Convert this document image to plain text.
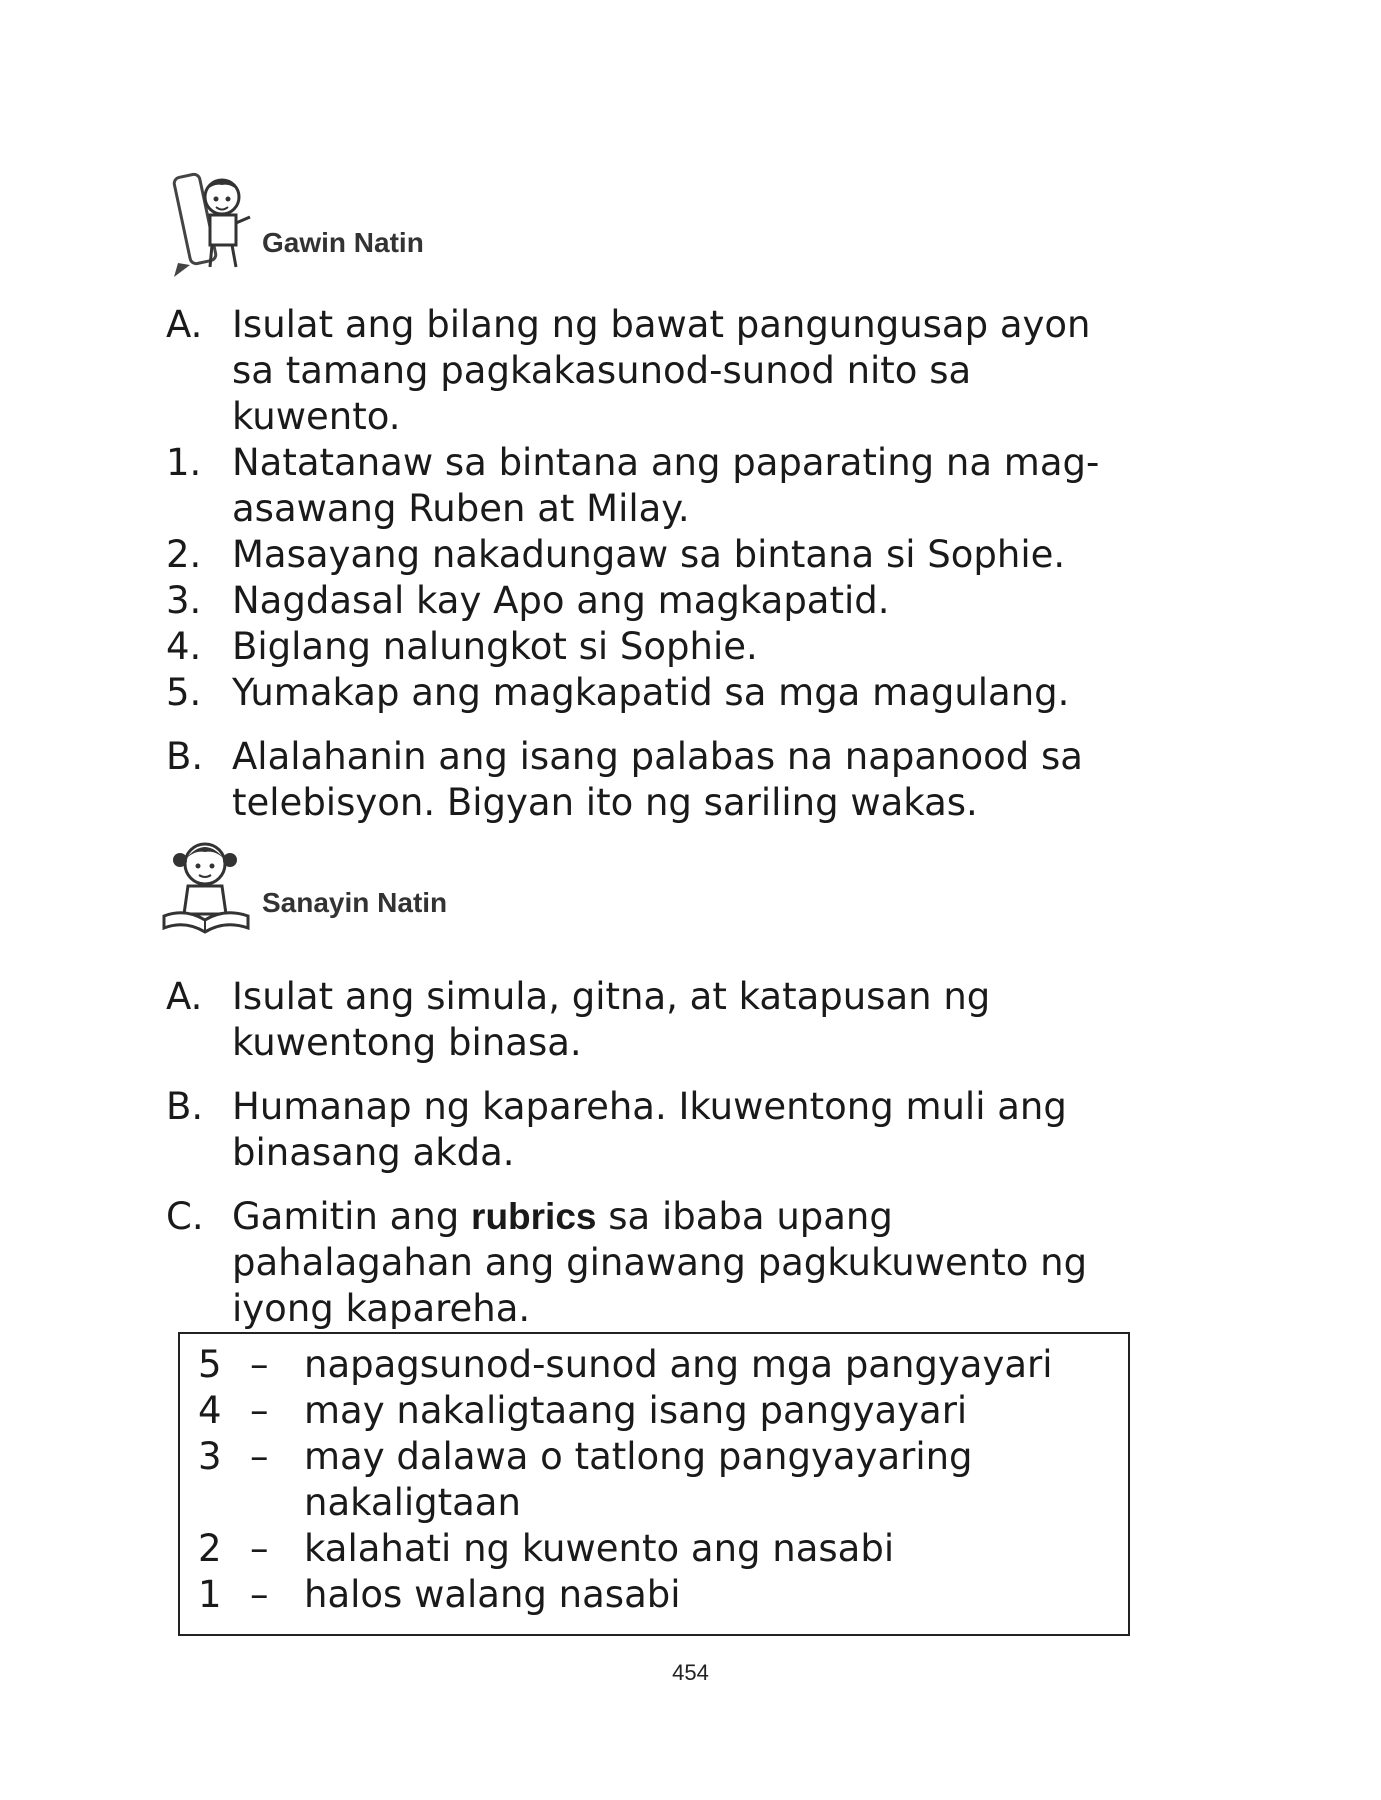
Gawin Natin
A. Isulat ang bilang ng bawat pangungusap ayon sa tamang pagkakasunod-sunod nito sa kuwento.
1. Natatanaw sa bintana ang paparating na mag-asawang Ruben at Milay.
2. Masayang nakadungaw sa bintana si Sophie.
3. Nagdasal kay Apo ang magkapatid.
4. Biglang nalungkot si Sophie.
5. Yumakap ang magkapatid sa mga magulang.
B. Alalahanin ang isang palabas na napanood sa telebisyon. Bigyan ito ng sariling wakas.
Sanayin Natin
A. Isulat ang simula, gitna, at katapusan ng kuwentong binasa.
B. Humanap ng kapareha. Ikuwentong muli ang binasang akda.
C. Gamitin ang rubrics sa ibaba upang pahalagahan ang ginawang pagkukuwento ng iyong kapareha.
5 – napagsunod-sunod ang mga pangyayari
4 – may nakaligtaang isang pangyayari
3 – may dalawa o tatlong pangyayaring nakaligtaan
2 – kalahati ng kuwento ang nasabi
1 – halos walang nasabi
454
